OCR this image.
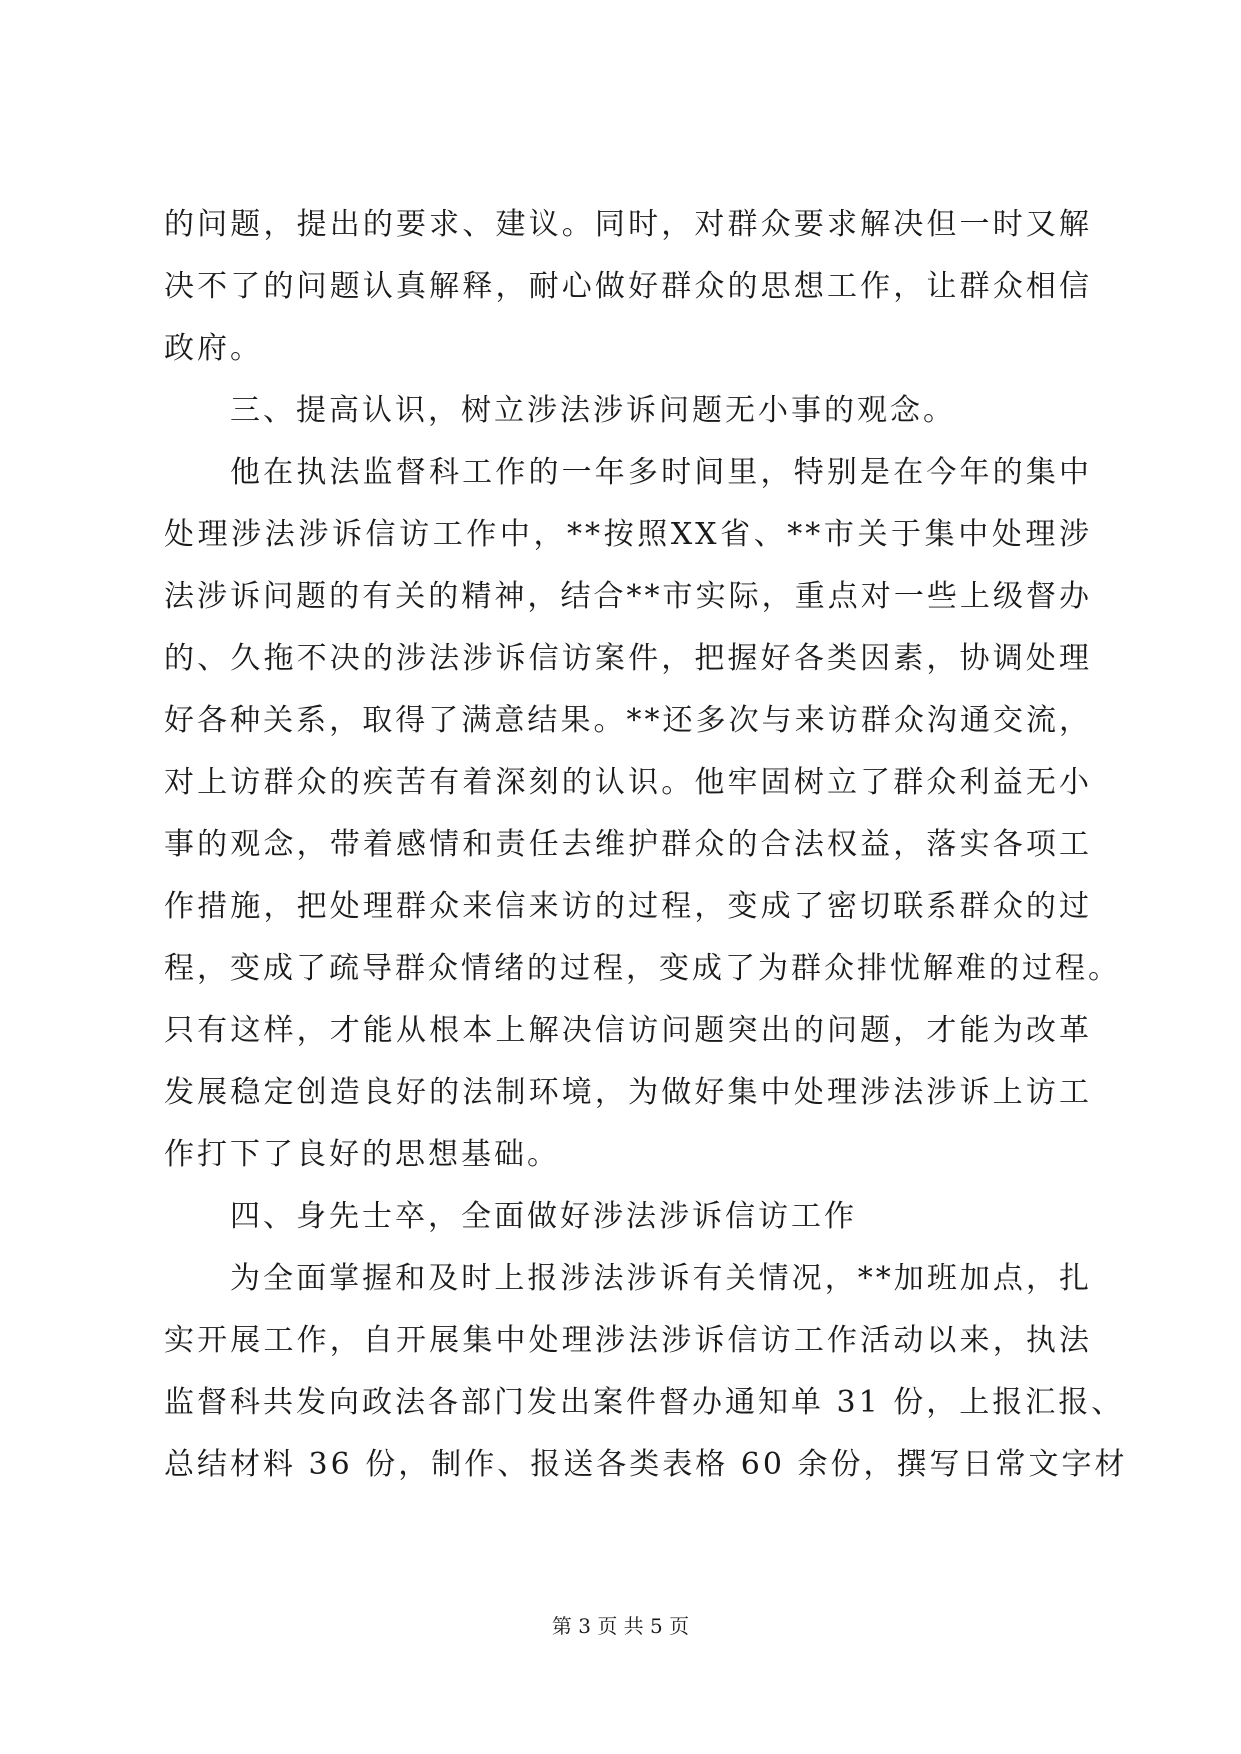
的问题，提出的要求、建议。同时，对群众要求解决但一时又解
决不了的问题认真解释，耐心做好群众的思想工作，让群众相信
政府。
三、提高认识，树立涉法涉诉问题无小事的观念。
他在执法监督科工作的一年多时间里，特别是在今年的集中
处理涉法涉诉信访工作中，**按照XX省、**市关于集中处理涉
法涉诉问题的有关的精神，结合**市实际，重点对一些上级督办
的、久拖不决的涉法涉诉信访案件，把握好各类因素，协调处理
好各种关系，取得了满意结果。**还多次与来访群众沟通交流，
对上访群众的疾苦有着深刻的认识。他牢固树立了群众利益无小
事的观念，带着感情和责任去维护群众的合法权益，落实各项工
作措施，把处理群众来信来访的过程，变成了密切联系群众的过
程，变成了疏导群众情绪的过程，变成了为群众排忧解难的过程。
只有这样，才能从根本上解决信访问题突出的问题，才能为改革
发展稳定创造良好的法制环境，为做好集中处理涉法涉诉上访工
作打下了良好的思想基础。
四、身先士卒，全面做好涉法涉诉信访工作
为全面掌握和及时上报涉法涉诉有关情况，**加班加点，扎
实开展工作，自开展集中处理涉法涉诉信访工作活动以来，执法
监督科共发向政法各部门发出案件督办通知单 31 份，上报汇报、
总结材料 36 份，制作、报送各类表格 60 余份，撰写日常文字材
第 3 页 共 5 页
